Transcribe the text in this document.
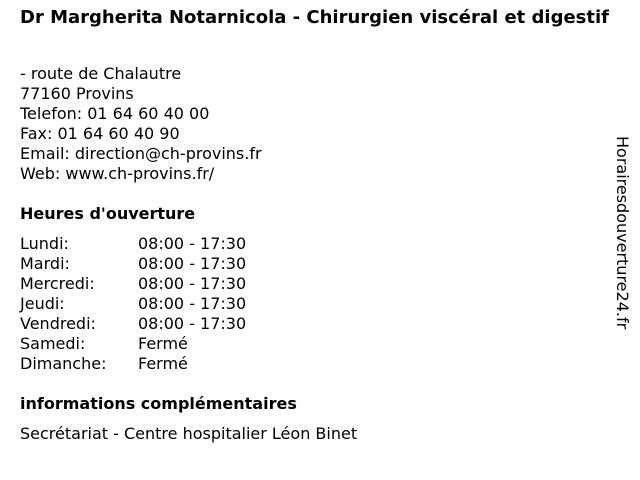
Dr Margherita Notarnicola - Chirurgien viscéral et digestif
- route de Chalautre
77160 Provins
Telefon: 01 64 60 40 00
Fax: 01 64 60 40 90
Email: direction@ch-provins.fr
Web: www.ch-provins.fr/
Heures d'ouverture
Lundi:	08:00 - 17:30
Mardi:	08:00 - 17:30
Mercredi:	08:00 - 17:30
Jeudi:	08:00 - 17:30
Vendredi:	08:00 - 17:30
Samedi:	Fermé
Dimanche:	Fermé
informations complémentaires
Secrétariat - Centre hospitalier Léon Binet
Horairesdouverture24.fr
